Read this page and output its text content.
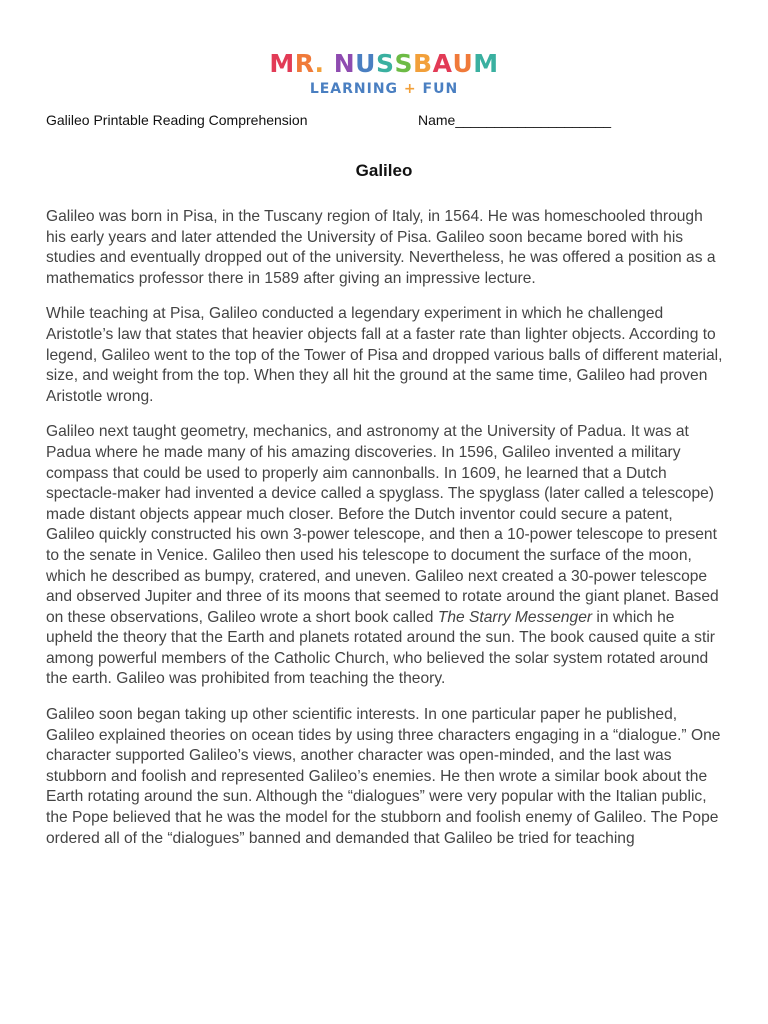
MR. NUSSBAUM
LEARNING + FUN
Galileo Printable Reading Comprehension	Name____________________
Galileo

Galileo was born in Pisa, in the Tuscany region of Italy, in 1564. He was homeschooled through his early years and later attended the University of Pisa. Galileo soon became bored with his studies and eventually dropped out of the university. Nevertheless, he was offered a position as a mathematics professor there in 1589 after giving an impressive lecture.

While teaching at Pisa, Galileo conducted a legendary experiment in which he challenged Aristotle’s law that states that heavier objects fall at a faster rate than lighter objects. According to legend, Galileo went to the top of the Tower of Pisa and dropped various balls of different material, size, and weight from the top. When they all hit the ground at the same time, Galileo had proven Aristotle wrong.

Galileo next taught geometry, mechanics, and astronomy at the University of Padua. It was at Padua where he made many of his amazing discoveries. In 1596, Galileo invented a military compass that could be used to properly aim cannonballs. In 1609, he learned that a Dutch spectacle-maker had invented a device called a spyglass. The spyglass (later called a telescope) made distant objects appear much closer. Before the Dutch inventor could secure a patent, Galileo quickly constructed his own 3-power telescope, and then a 10-power telescope to present to the senate in Venice. Galileo then used his telescope to document the surface of the moon, which he described as bumpy, cratered, and uneven. Galileo next created a 30-power telescope and observed Jupiter and three of its moons that seemed to rotate around the giant planet. Based on these observations, Galileo wrote a short book called The Starry Messenger in which he upheld the theory that the Earth and planets rotated around the sun. The book caused quite a stir among powerful members of the Catholic Church, who believed the solar system rotated around the earth. Galileo was prohibited from teaching the theory.

Galileo soon began taking up other scientific interests. In one particular paper he published, Galileo explained theories on ocean tides by using three characters engaging in a “dialogue.” One character supported Galileo’s views, another character was open-minded, and the last was stubborn and foolish and represented Galileo’s enemies. He then wrote a similar book about the Earth rotating around the sun. Although the “dialogues” were very popular with the Italian public, the Pope believed that he was the model for the stubborn and foolish enemy of Galileo. The Pope ordered all of the “dialogues” banned and demanded that Galileo be tried for teaching
